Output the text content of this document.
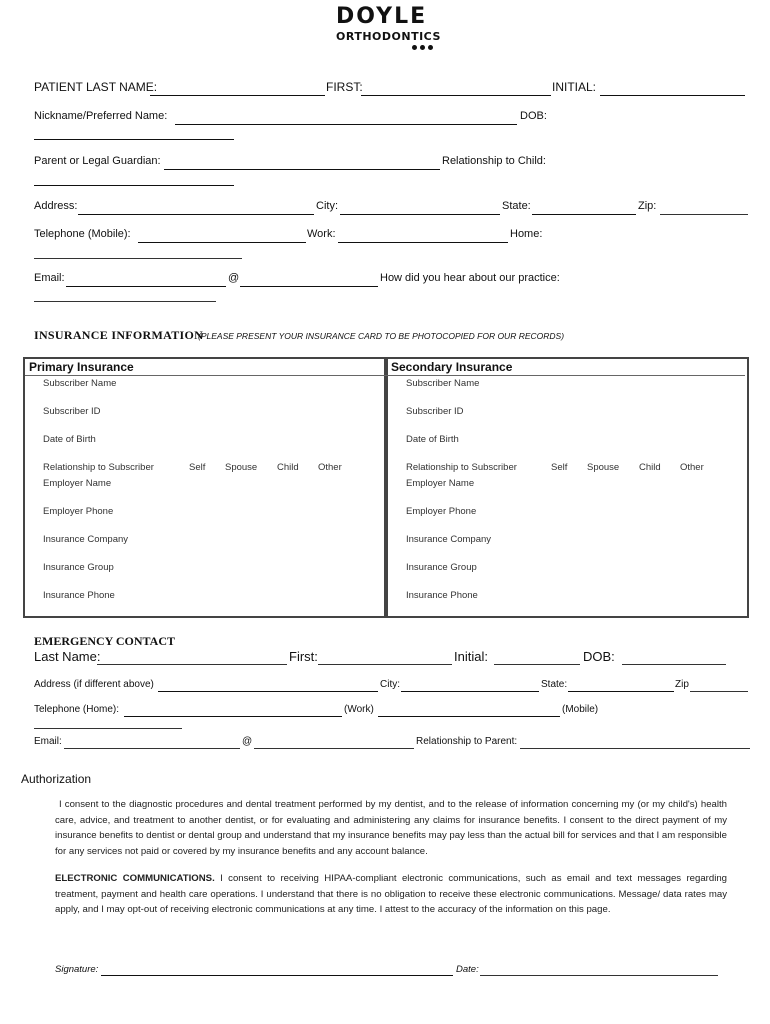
DOYLE
ORTHODONTICS
PATIENT LAST NAME:	FIRST:	INITIAL:
Nickname/Preferred Name:	DOB:
Parent or Legal Guardian:	Relationship to Child:
Address:	City:	State:	Zip:
Telephone (Mobile):	Work:	Home:
Email:	@	How did you hear about our practice:
INSURANCE INFORMATION
(PLEASE PRESENT YOUR INSURANCE CARD TO BE PHOTOCOPIED FOR OUR RECORDS)
Primary Insurance	Secondary Insurance
Subscriber Name
Subscriber ID
Date of Birth
Relationship to Subscriber	Self Spouse Child Other
Employer Name
Employer Phone
Insurance Company
Insurance Group
Insurance Phone
Subscriber Name
Subscriber ID
Date of Birth
Relationship to Subscriber	Self Spouse Child Other
Employer Name
Employer Phone
Insurance Company
Insurance Group
Insurance Phone
EMERGENCY CONTACT
Last Name:	First:	Initial:	DOB:
Address (if different above)	City:	State:	Zip
Telephone (Home):	(Work)	(Mobile)
Email:	@	Relationship to Parent:
Authorization
I consent to the diagnostic procedures and dental treatment performed by my dentist, and to the release of information concerning my (or my child's) health care, advice, and treatment to another dentist, or for evaluating and administering any claims for insurance benefits. I consent to the direct payment of my insurance benefits to dentist or dental group and understand that my insurance benefits may pay less than the actual bill for services and that I am responsible for any services not paid or covered by my insurance benefits and any account balance.
ELECTRONIC COMMUNICATIONS. I consent to receiving HIPAA-compliant electronic communications, such as email and text messages regarding treatment, payment and health care operations. I understand that there is no obligation to receive these electronic communications. Message/ data rates may apply, and I may opt-out of receiving electronic communications at any time. I attest to the accuracy of the information on this page.
Signature:	Date:
